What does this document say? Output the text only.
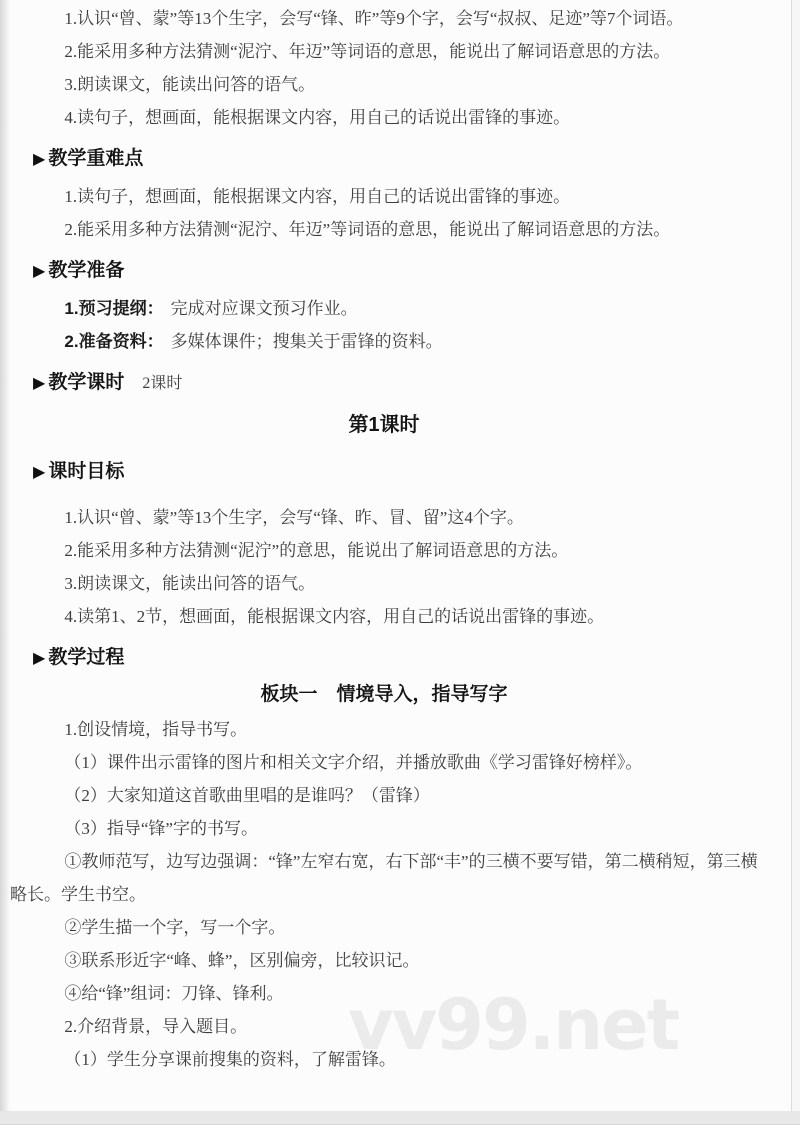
vv99.net

1.认识“曾、蒙”等13个生字，会写“锋、昨”等9个字，会写“叔叔、足迹”等7个词语。

2.能采用多种方法猜测“泥泞、年迈”等词语的意思，能说出了解词语意思的方法。

3.朗读课文，能读出问答的语气。

4.读句子，想画面，能根据课文内容，用自己的话说出雷锋的事迹。

▶ 教学重难点

1.读句子，想画面，能根据课文内容，用自己的话说出雷锋的事迹。

2.能采用多种方法猜测“泥泞、年迈”等词语的意思，能说出了解词语意思的方法。

▶ 教学准备

1.预习提纲： 完成对应课文预习作业。

2.准备资料： 多媒体课件；搜集关于雷锋的资料。

▶ 教学课时 2课时
第1课时
▶ 课时目标

1.认识“曾、蒙”等13个生字，会写“锋、昨、冒、留”这4个字。

2.能采用多种方法猜测“泥泞”的意思，能说出了解词语意思的方法。

3.朗读课文，能读出问答的语气。

4.读第1、2节，想画面，能根据课文内容，用自己的话说出雷锋的事迹。

▶ 教学过程
板块一　情境导入，指导写字

1.创设情境，指导书写。

（1）课件出示雷锋的图片和相关文字介绍，并播放歌曲《学习雷锋好榜样》。

（2）大家知道这首歌曲里唱的是谁吗？（雷锋）

（3）指导“锋”字的书写。

①教师范写，边写边强调：“锋”左窄右宽，右下部“丰”的三横不要写错，第二横稍短，第三横略长。学生书空。

②学生描一个字，写一个字。

③联系形近字“峰、蜂”，区别偏旁，比较识记。

④给“锋”组词：刀锋、锋利。

2.介绍背景，导入题目。

（1）学生分享课前搜集的资料，了解雷锋。
